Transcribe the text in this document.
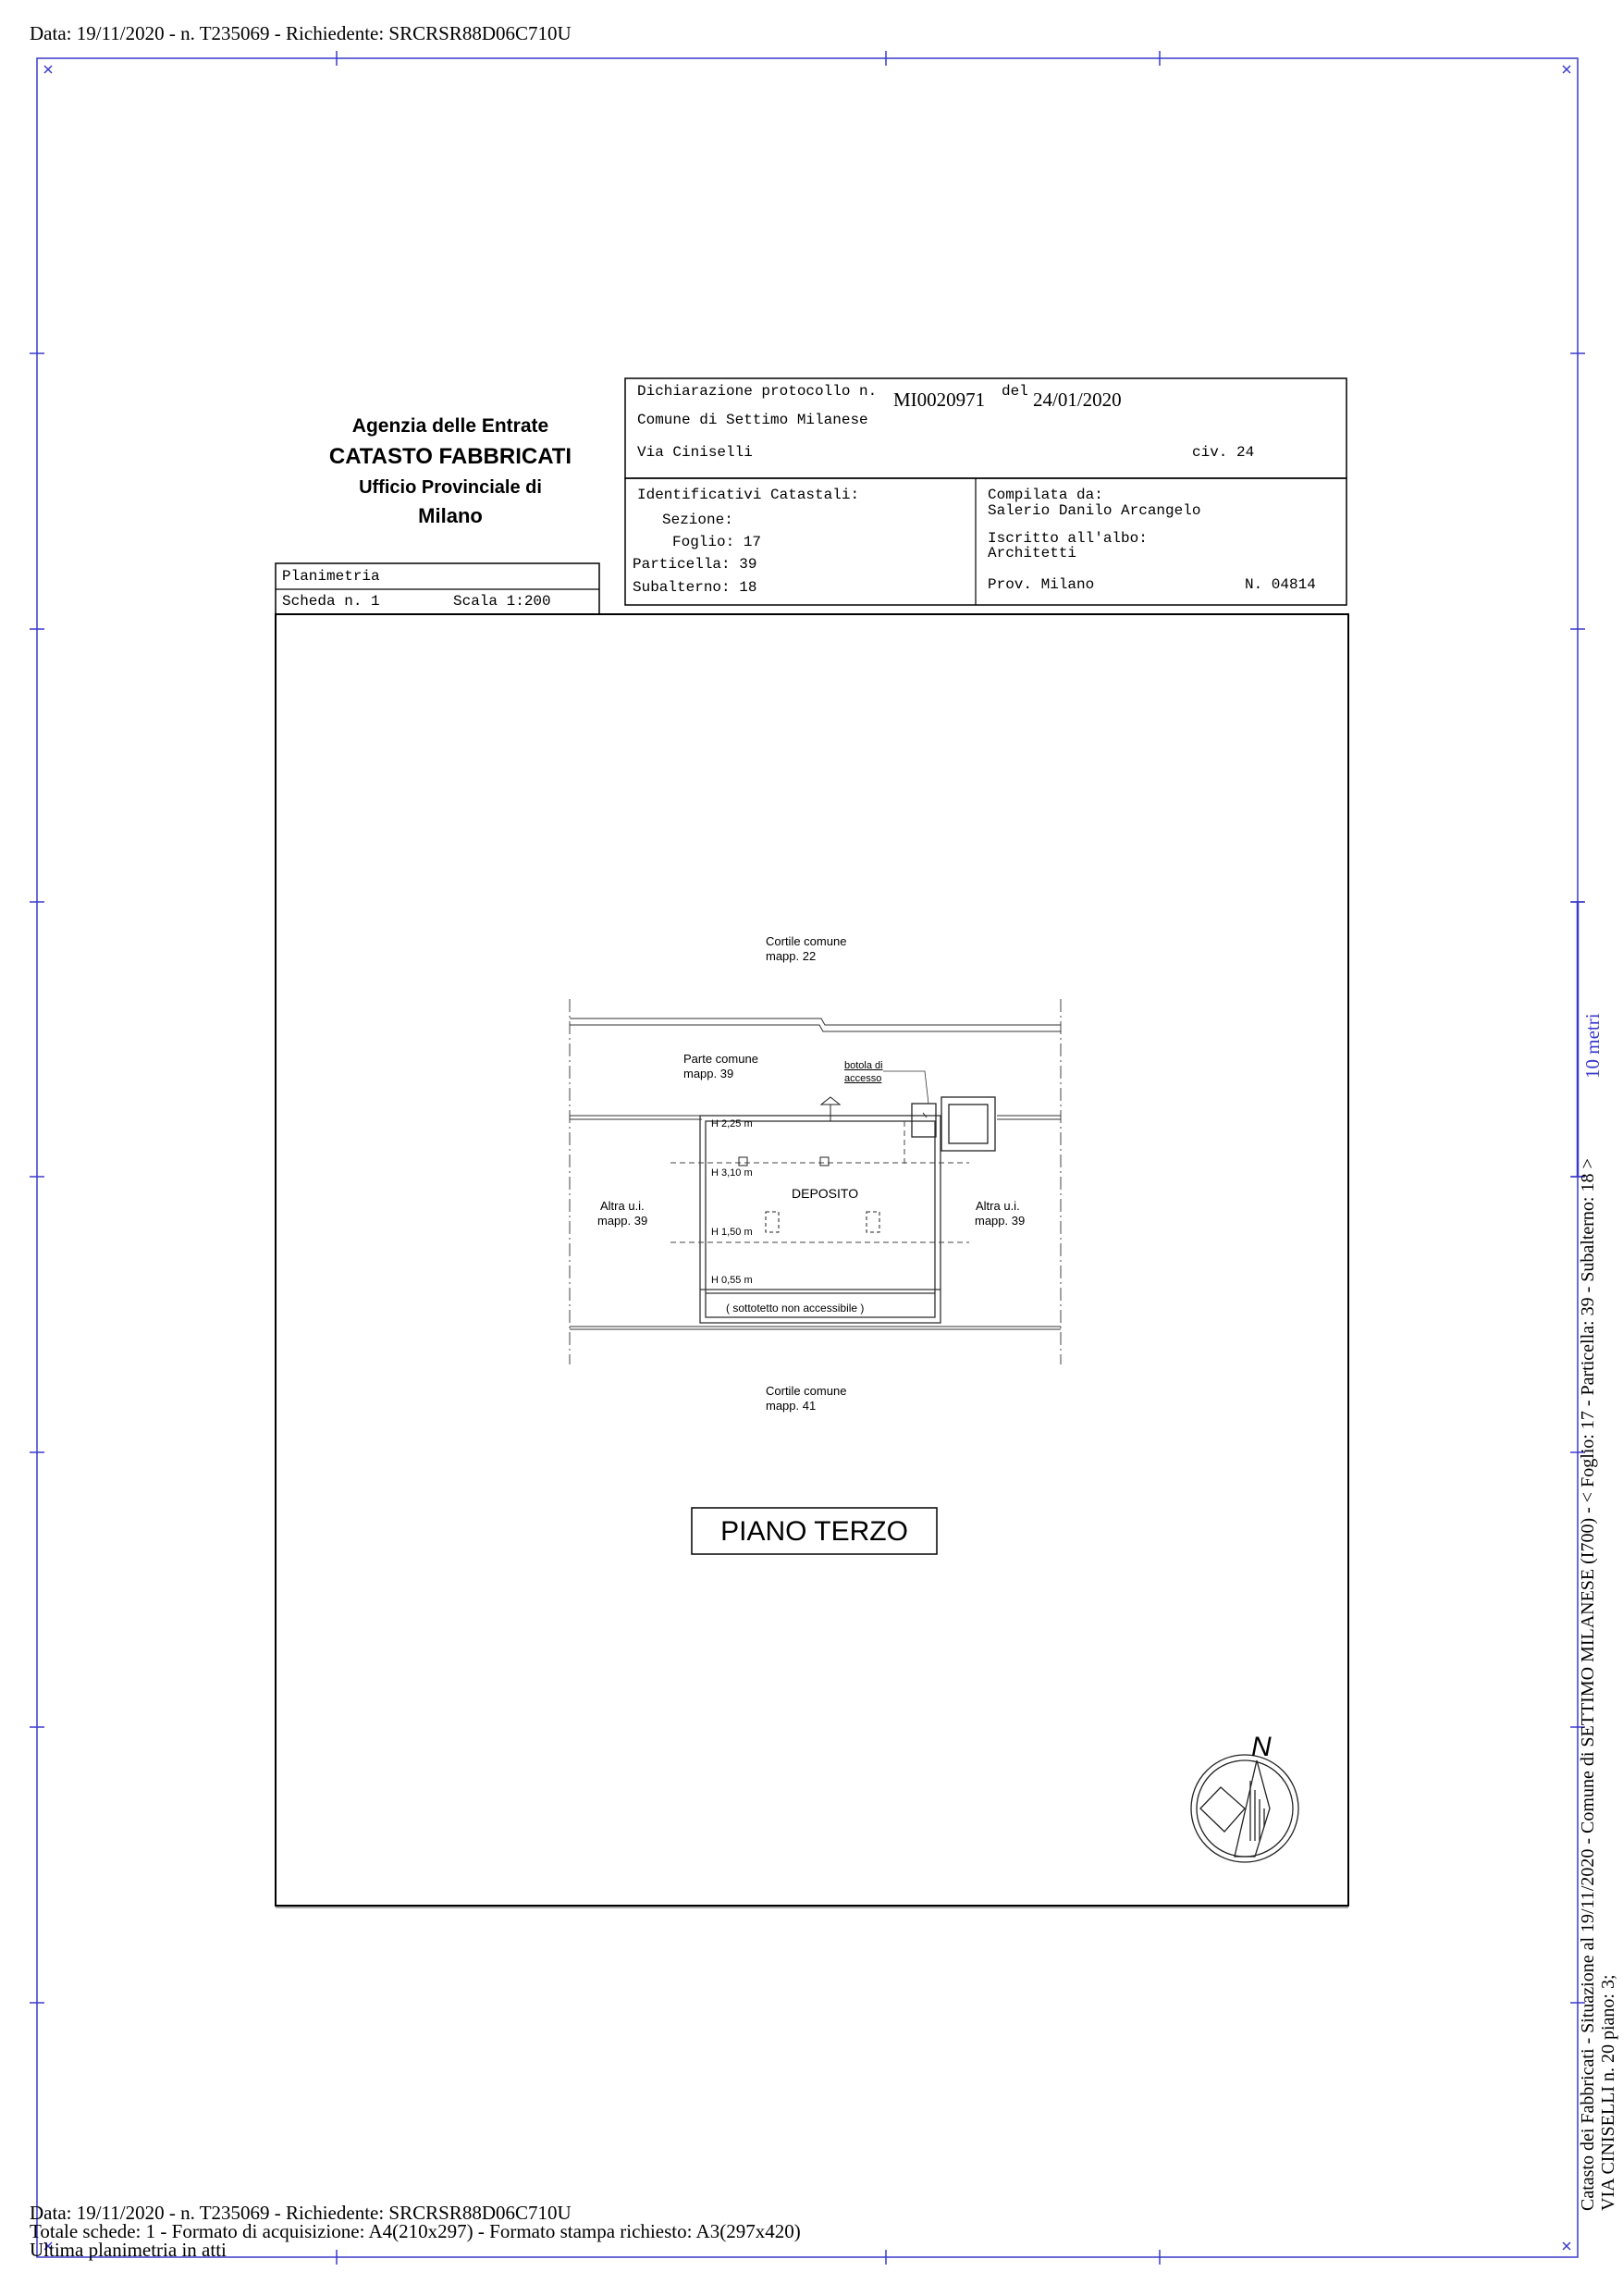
Data: 19/11/2020 - n. T235069 - Richiedente: SRCRSR88D06C710U
10 metri
Agenzia delle Entrate
CATASTO FABBRICATI
Ufficio Provinciale di
Milano
Dichiarazione protocollo n. MI0020971 del 24/01/2020
Comune di Settimo Milanese
Via Ciniselli	civ. 24
Identificativi Catastali:
Sezione:
Foglio: 17
Particella: 39
Subalterno: 18
Compilata da:
Salerio Danilo Arcangelo
Iscritto all'albo:
Architetti
Prov. Milano	N. 04814
Planimetria
Scheda n. 1	Scala 1:200
Cortile comune
mapp. 22
Parte comune
mapp. 39
botola di
accesso
H 2,25 m
H 3,10 m
DEPOSITO
H 1,50 m
H 0,55 m
( sottotetto non accessibile )
Altra u.i.
mapp. 39
Altra u.i.
mapp. 39
Cortile comune
mapp. 41
PIANO TERZO
N	Catasto dei Fabbricati - Situazione al 19/11/2020 - Comune di SETTIMO MILANESE (I700) - < Foglio: 17 - Particella: 39 - Subalterno: 18 > VIA CINISELLI n. 20 piano: 3;
Data: 19/11/2020 - n. T235069 - Richiedente: SRCRSR88D06C710U
Totale schede: 1 - Formato di acquisizione: A4(210x297) - Formato stampa richiesto: A3(297x420)
Ultima planimetria in atti
